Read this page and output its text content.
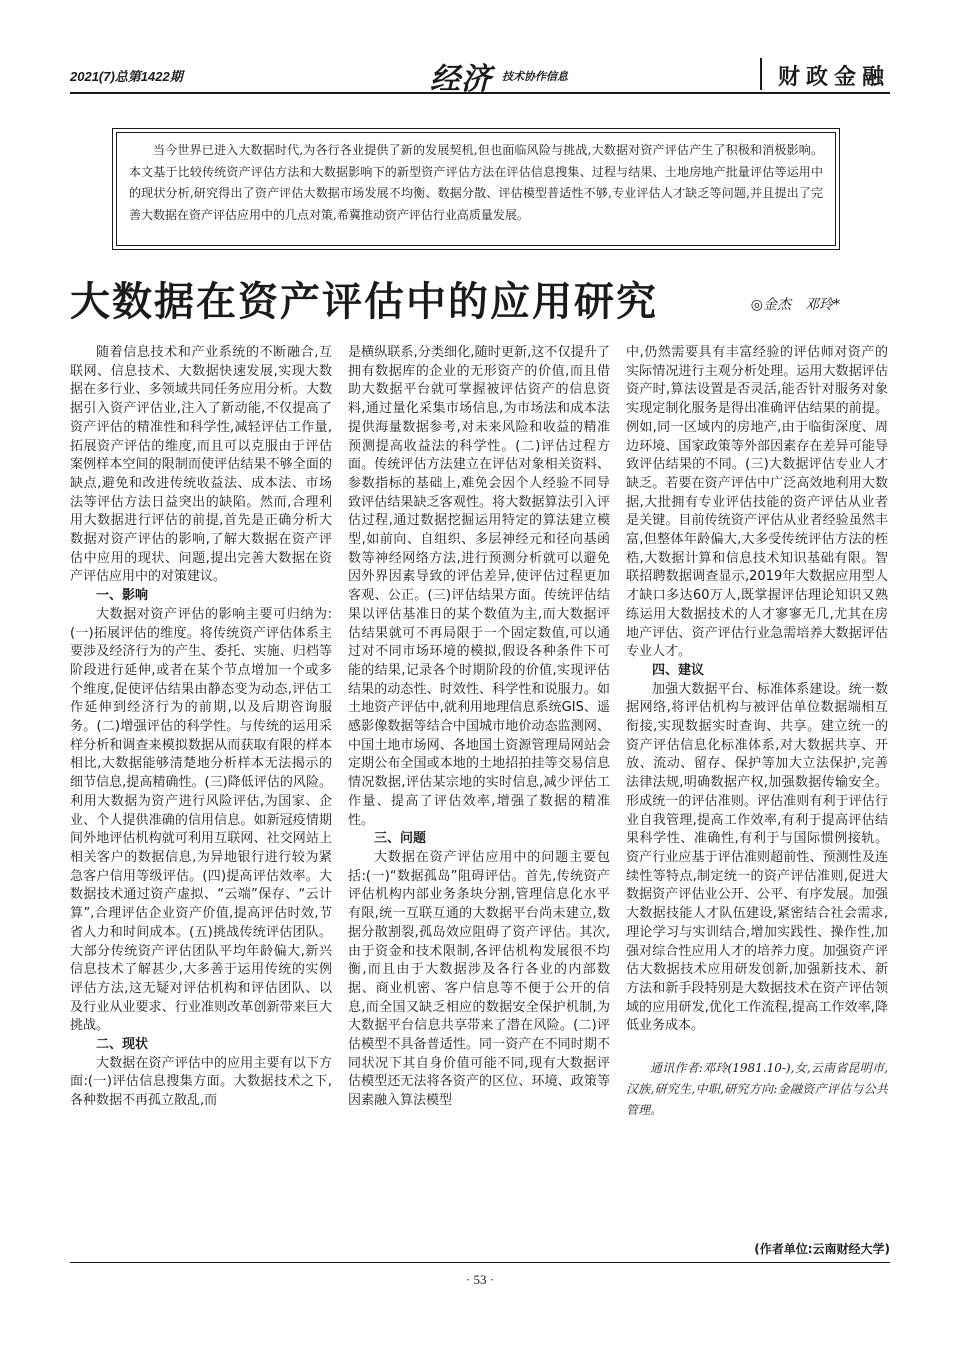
2021(7)总第1422期	经济 技术协作信息	财政金融
当今世界已进入大数据时代,为各行各业提供了新的发展契机,但也面临风险与挑战,大数据对资产评估产生了积极和消极影响。本文基于比较传统资产评估方法和大数据影响下的新型资产评估方法在评估信息搜集、过程与结果、土地房地产批量评估等运用中的现状分析,研究得出了资产评估大数据市场发展不均衡、数据分散、评估模型普适性不够,专业评估人才缺乏等问题,并且提出了完善大数据在资产评估应用中的几点对策,希冀推动资产评估行业高质量发展。
大数据在资产评估中的应用研究	◎金杰　邓玲*

随着信息技术和产业系统的不断融合,互联网、信息技术、大数据快速发展,实现大数据在多行业、多领域共同任务应用分析。大数据引入资产评估业,注入了新动能,不仅提高了资产评估的精准性和科学性,减轻评估工作量,拓展资产评估的维度,而且可以克服由于评估案例样本空间的限制而使评估结果不够全面的缺点,避免和改进传统收益法、成本法、市场法等评估方法日益突出的缺陷。然而,合理利用大数据进行评估的前提,首先是正确分析大数据对资产评估的影响,了解大数据在资产评估中应用的现状、问题,提出完善大数据在资产评估应用中的对策建议。

一、影响

大数据对资产评估的影响主要可归纳为:(一)拓展评估的维度。将传统资产评估体系主要涉及经济行为的产生、委托、实施、归档等阶段进行延伸,或者在某个节点增加一个或多个维度,促使评估结果由静态变为动态,评估工作延伸到经济行为的前期,以及后期咨询服务。(二)增强评估的科学性。与传统的运用采样分析和调查来模拟数据从而获取有限的样本相比,大数据能够清楚地分析样本无法揭示的细节信息,提高精确性。(三)降低评估的风险。利用大数据为资产进行风险评估,为国家、企业、个人提供准确的信用信息。如新冠疫情期间外地评估机构就可利用互联网、社交网站上相关客户的数据信息,为异地银行进行较为紧急客户信用等级评估。(四)提高评估效率。大数据技术通过资产虚拟、“云端”保存、“云计算”,合理评估企业资产价值,提高评估时效,节省人力和时间成本。(五)挑战传统评估团队。大部分传统资产评估团队平均年龄偏大,新兴信息技术了解甚少,大多善于运用传统的实例评估方法,这无疑对评估机构和评估团队、以及行业从业要求、行业准则改革创新带来巨大挑战。

二、现状

大数据在资产评估中的应用主要有以下方面:(一)评估信息搜集方面。大数据技术之下,各种数据不再孤立散乱,而

是横纵联系,分类细化,随时更新,这不仅提升了拥有数据库的企业的无形资产的价值,而且借助大数据平台就可掌握被评估资产的信息资料,通过量化采集市场信息,为市场法和成本法提供海量数据参考,对未来风险和收益的精准预测提高收益法的科学性。(二)评估过程方面。传统评估方法建立在评估对象相关资料、参数指标的基础上,难免会因个人经验不同导致评估结果缺乏客观性。将大数据算法引入评估过程,通过数据挖掘运用特定的算法建立模型,如前向、自组织、多层神经元和径向基函数等神经网络方法,进行预测分析就可以避免因外界因素导致的评估差异,使评估过程更加客观、公正。(三)评估结果方面。传统评估结果以评估基准日的某个数值为主,而大数据评估结果就可不再局限于一个固定数值,可以通过对不同市场环境的模拟,假设各种条件下可能的结果,记录各个时期阶段的价值,实现评估结果的动态性、时效性、科学性和说服力。如土地资产评估中,就利用地理信息系统GIS、遥感影像数据等结合中国城市地价动态监测网、中国土地市场网、各地国土资源管理局网站会定期公布全国或本地的土地招拍挂等交易信息情况数据,评估某宗地的实时信息,减少评估工作量、提高了评估效率,增强了数据的精准性。

三、问题

大数据在资产评估应用中的问题主要包括:(一)“数据孤岛”阻碍评估。首先,传统资产评估机构内部业务条块分割,管理信息化水平有限,统一互联互通的大数据平台尚未建立,数据分散割裂,孤岛效应阻碍了资产评估。其次,由于资金和技术限制,各评估机构发展很不均衡,而且由于大数据涉及各行各业的内部数据、商业机密、客户信息等不便于公开的信息,而全国又缺乏相应的数据安全保护机制,为大数据平台信息共享带来了潜在风险。(二)评估模型不具备普适性。同一资产在不同时期不同状况下其自身价值可能不同,现有大数据评估模型还无法将各资产的区位、环境、政策等因素融入算法模型

中,仍然需要具有丰富经验的评估师对资产的实际情况进行主观分析处理。运用大数据评估资产时,算法设置是否灵活,能否针对服务对象实现定制化服务是得出准确评估结果的前提。例如,同一区域内的房地产,由于临街深度、周边环境、国家政策等外部因素存在差异可能导致评估结果的不同。(三)大数据评估专业人才缺乏。若要在资产评估中广泛高效地利用大数据,大批拥有专业评估技能的资产评估从业者是关键。目前传统资产评估从业者经验虽然丰富,但整体年龄偏大,大多受传统评估方法的桎梏,大数据计算和信息技术知识基础有限。智联招聘数据调查显示,2019年大数据应用型人才缺口多达60万人,既掌握评估理论知识又熟练运用大数据技术的人才寥寥无几,尤其在房地产评估、资产评估行业急需培养大数据评估专业人才。

四、建议

加强大数据平台、标准体系建设。统一数据网络,将评估机构与被评估单位数据端相互衔接,实现数据实时查询、共享。建立统一的资产评估信息化标准体系,对大数据共享、开放、流动、留存、保护等加大立法保护,完善法律法规,明确数据产权,加强数据传输安全。形成统一的评估准则。评估准则有利于评估行业自我管理,提高工作效率,有利于提高评估结果科学性、准确性,有利于与国际惯例接轨。资产行业应基于评估准则超前性、预测性及连续性等特点,制定统一的资产评估准则,促进大数据资产评估业公开、公平、有序发展。加强大数据技能人才队伍建设,紧密结合社会需求,理论学习与实训结合,增加实践性、操作性,加强对综合性应用人才的培养力度。加强资产评估大数据技术应用研发创新,加强新技术、新方法和新手段特别是大数据技术在资产评估领域的应用研发,优化工作流程,提高工作效率,降低业务成本。

通讯作者:邓玲(1981.10-),女,云南省昆明市,汉族,研究生,中职,研究方向:金融资产评估与公共管理。

(作者单位:云南财经大学)
· 53 ·
